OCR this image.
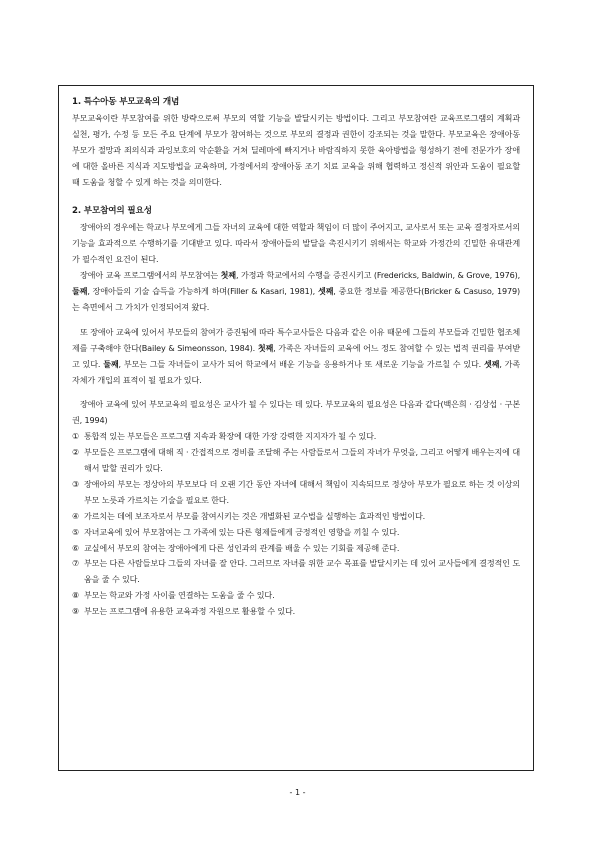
1. 특수아동 부모교육의 개념

부모교육이란 부모참여를 위한 방략으로써 부모의 역할 기능을 발달시키는 방법이다. 그리고 부모참여란 교육프로그램의 계획과 실천, 평가, 수정 등 모든 주요 단계에 부모가 참여하는 것으로 부모의 결정과 권한이 강조되는 것을 말한다. 부모교육은 장애아동 부모가 절망과 죄의식과 과잉보호의 악순환을 거쳐 딜레마에 빠지거나 바람직하지 못한 육아방법을 형성하기 전에 전문가가 장애에 대한 올바른 지식과 지도방법을 교육하며, 가정에서의 장애아동 조기 치료 교육을 위해 협력하고 정신적 위안과 도움이 필요할 때 도움을 청할 수 있게 하는 것을 의미한다.

2. 부모참여의 필요성

장애아의 경우에는 학교나 부모에게 그들 자녀의 교육에 대한 역할과 책임이 더 많이 주어지고, 교사로서 또는 교육 결정자로서의 기능을 효과적으로 수행하기를 기대받고 있다. 따라서 장애아들의 발달을 촉진시키기 위해서는 학교와 가정간의 긴밀한 유대관계가 필수적인 요건이 된다.

장애아 교육 프로그램에서의 부모참여는 첫째, 가정과 학교에서의 수행을 증진시키고 (Fredericks, Baldwin, & Grove, 1976), 둘째, 장애아들의 기술 습득을 가능하게 하며(Filler & Kasari, 1981), 셋째, 중요한 정보를 제공한다(Bricker & Casuso, 1979)는 측면에서 그 가치가 인정되어져 왔다.

또 장애아 교육에 있어서 부모들의 참여가 증진됨에 따라 특수교사들은 다음과 같은 이유 때문에 그들의 부모들과 긴밀한 협조체제를 구축해야 한다(Bailey & Simeonsson, 1984). 첫째, 가족은 자녀들의 교육에 어느 정도 참여할 수 있는 법적 권리를 부여받고 있다. 둘째, 부모는 그들 자녀들이 교사가 되어 학교에서 배운 기능을 응용하거나 또 새로운 기능을 가르칠 수 있다. 셋째, 가족 자체가 개입의 표적이 될 필요가 있다.

장애아 교육에 있어 부모교육의 필요성은 교사가 될 수 있다는 데 있다. 부모교육의 필요성은 다음과 같다(백은희 · 김상섭 · 구본권, 1994)

① 통합적 있는 부모들은 프로그램 지속과 확장에 대한 가장 강력한 지지자가 될 수 있다.
② 부모들은 프로그램에 대해 직 · 간접적으로 경비를 조달해 주는 사람들로서 그들의 자녀가 무엇을, 그리고 어떻게 배우는지에 대해서 말할 권리가 있다.
③ 장애아의 부모는 정상아의 부모보다 더 오랜 기간 동안 자녀에 대해서 책임이 지속되므로 정상아 부모가 필요로 하는 것 이상의 부모 노릇과 가르치는 기술을 필요로 한다.
④ 가르치는 데에 보조자로서 부모를 참여시키는 것은 개별화된 교수법을 실행하는 효과적인 방법이다.
⑤ 자녀교육에 있어 부모참여는 그 가족에 있는 다른 형제들에게 긍정적인 영향을 끼칠 수 있다.
⑥ 교실에서 부모의 참여는 장애아에게 다른 성인과의 관계를 배울 수 있는 기회를 제공해 준다.
⑦ 부모는 다른 사람들보다 그들의 자녀를 잘 안다. 그러므로 자녀를 위한 교수 목표를 발달시키는 데 있어 교사들에게 결정적인 도움을 줄 수 있다.
⑧ 부모는 학교와 가정 사이를 연결하는 도움을 줄 수 있다.
⑨ 부모는 프로그램에 유용한 교육과정 자원으로 활용할 수 있다.
- 1 -
